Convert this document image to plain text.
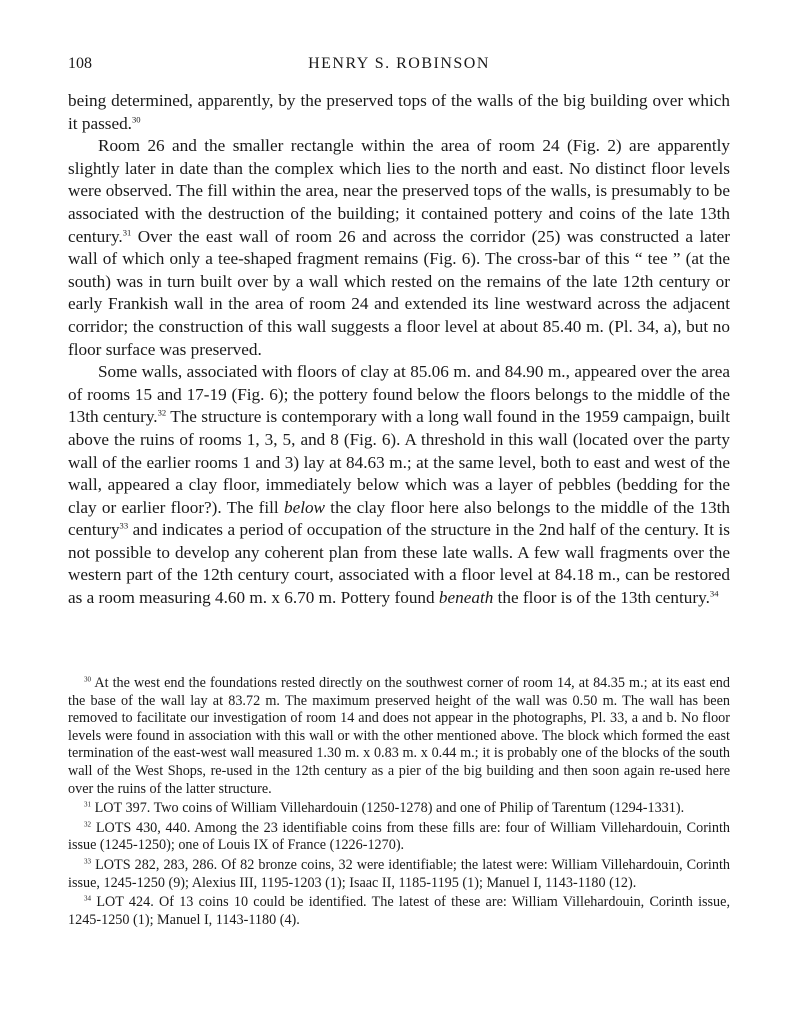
108	HENRY S. ROBINSON

being determined, apparently, by the preserved tops of the walls of the big building over which it passed.$^{30}$

Room 26 and the smaller rectangle within the area of room 24 (Fig. 2) are apparently slightly later in date than the complex which lies to the north and east. No distinct floor levels were observed. The fill within the area, near the preserved tops of the walls, is presumably to be associated with the destruction of the building; it contained pottery and coins of the late 13th century.$^{31}$ Over the east wall of room 26 and across the corridor (25) was constructed a later wall of which only a tee-shaped fragment remains (Fig. 6). The cross-bar of this “ tee ” (at the south) was in turn built over by a wall which rested on the remains of the late 12th century or early Frankish wall in the area of room 24 and extended its line westward across the adjacent corridor; the construction of this wall suggests a floor level at about 85.40 m. (Pl. 34, a), but no floor surface was preserved.

Some walls, associated with floors of clay at 85.06 m. and 84.90 m., appeared over the area of rooms 15 and 17-19 (Fig. 6); the pottery found below the floors belongs to the middle of the 13th century.$^{32}$ The structure is contemporary with a long wall found in the 1959 campaign, built above the ruins of rooms 1, 3, 5, and 8 (Fig. 6). A threshold in this wall (located over the party wall of the earlier rooms 1 and 3) lay at 84.63 m.; at the same level, both to east and west of the wall, appeared a clay floor, immediately below which was a layer of pebbles (bedding for the clay or earlier floor?). The fill below the clay floor here also belongs to the middle of the 13th century$^{33}$ and indicates a period of occupation of the structure in the 2nd half of the century. It is not possible to develop any coherent plan from these late walls. A few wall fragments over the western part of the 12th century court, associated with a floor level at 84.18 m., can be restored as a room measuring 4.60 m. x 6.70 m. Pottery found beneath the floor is of the 13th century.$^{34}$

$^{30}$ At the west end the foundations rested directly on the southwest corner of room 14, at 84.35 m.; at its east end the base of the wall lay at 83.72 m. The maximum preserved height of the wall was 0.50 m. The wall has been removed to facilitate our investigation of room 14 and does not appear in the photographs, Pl. 33, a and b. No floor levels were found in association with this wall or with the other mentioned above. The block which formed the east termination of the east-west wall measured 1.30 m. x 0.83 m. x 0.44 m.; it is probably one of the blocks of the south wall of the West Shops, re-used in the 12th century as a pier of the big building and then soon again re-used here over the ruins of the latter structure.

$^{31}$ LOT 397. Two coins of William Villehardouin (1250-1278) and one of Philip of Tarentum (1294-1331).

$^{32}$ LOTS 430, 440. Among the 23 identifiable coins from these fills are: four of William Villehardouin, Corinth issue (1245-1250); one of Louis IX of France (1226-1270).

$^{33}$ LOTS 282, 283, 286. Of 82 bronze coins, 32 were identifiable; the latest were: William Villehardouin, Corinth issue, 1245-1250 (9); Alexius III, 1195-1203 (1); Isaac II, 1185-1195 (1); Manuel I, 1143-1180 (12).

$^{34}$ LOT 424. Of 13 coins 10 could be identified. The latest of these are: William Villehardouin, Corinth issue, 1245-1250 (1); Manuel I, 1143-1180 (4).
